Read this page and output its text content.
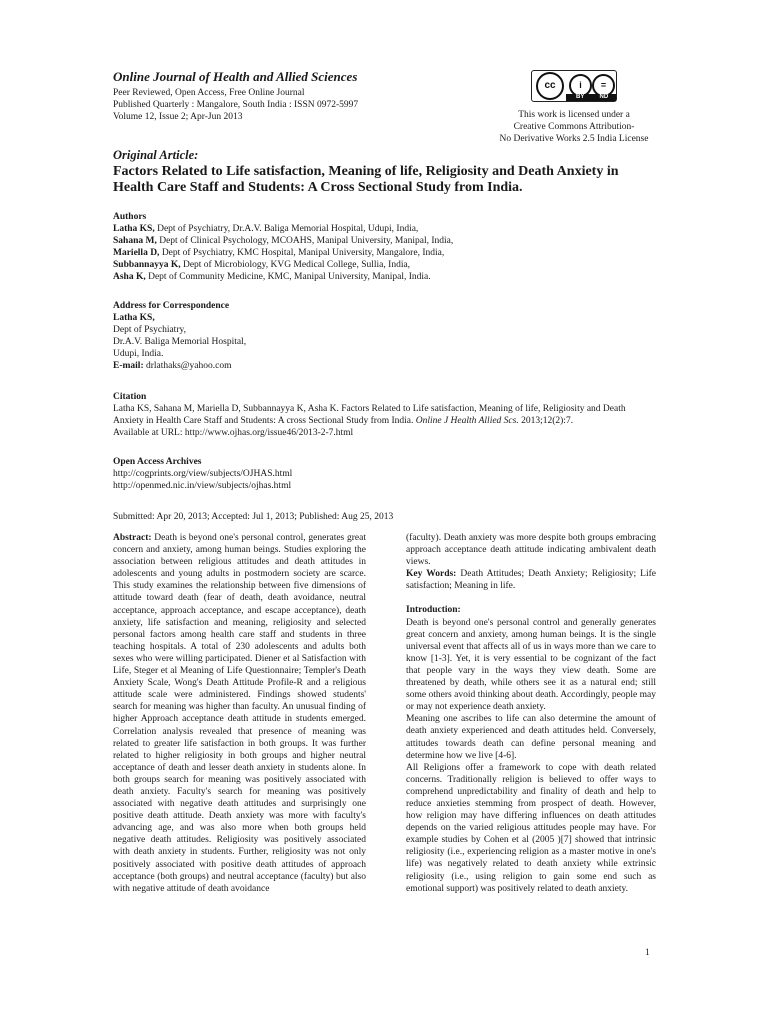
Online Journal of Health and Allied Sciences
Peer Reviewed, Open Access, Free Online Journal
Published Quarterly : Mangalore, South India : ISSN 0972-5997
Volume 12, Issue 2; Apr-Jun 2013
cc	i	=
BY	ND
This work is licensed under a
Creative Commons Attribution-
No Derivative Works 2.5 India License
Original Article:
Factors Related to Life satisfaction, Meaning of life, Religiosity and Death Anxiety in Health Care Staff and Students: A Cross Sectional Study from India.
Authors
Latha KS, Dept of Psychiatry, Dr.A.V. Baliga Memorial Hospital, Udupi, India,
Sahana M, Dept of Clinical Psychology, MCOAHS, Manipal University, Manipal, India,
Mariella D, Dept of Psychiatry, KMC Hospital, Manipal University, Mangalore, India,
Subbannayya K, Dept of Microbiology, KVG Medical College, Sullia, India,
Asha K, Dept of Community Medicine, KMC, Manipal University, Manipal, India.
Address for Correspondence
Latha KS,
Dept of Psychiatry,
Dr.A.V. Baliga Memorial Hospital,
Udupi, India.
E-mail: drlathaks@yahoo.com
Citation
Latha KS, Sahana M, Mariella D, Subbannayya K, Asha K. Factors Related to Life satisfaction, Meaning of life, Religiosity and Death Anxiety in Health Care Staff and Students: A cross Sectional Study from India. Online J Health Allied Scs. 2013;12(2):7.
Available at URL: http://www.ojhas.org/issue46/2013-2-7.html
Open Access Archives
http://cogprints.org/view/subjects/OJHAS.html
http://openmed.nic.in/view/subjects/ojhas.html
Submitted: Apr 20, 2013; Accepted: Jul 1, 2013; Published: Aug 25, 2013

Abstract: Death is beyond one's personal control, generates great concern and anxiety, among human beings. Studies exploring the association between religious attitudes and death attitudes in adolescents and young adults in postmodern society are scarce. This study examines the relationship between five dimensions of attitude toward death (fear of death, death avoidance, neutral acceptance, approach acceptance, and escape acceptance), death anxiety, life satisfaction and meaning, religiosity and selected personal factors among health care staff and students in three teaching hospitals. A total of 230 adolescents and adults both sexes who were willing participated. Diener et al Satisfaction with Life, Steger et al Meaning of Life Questionnaire; Templer's Death Anxiety Scale, Wong's Death Attitude Profile-R and a religious attitude scale were administered. Findings showed students' search for meaning was higher than faculty. An unusual finding of higher Approach acceptance death attitude in students emerged. Correlation analysis revealed that presence of meaning was related to greater life satisfaction in both groups. It was further related to higher religiosity in both groups and higher neutral acceptance of death and lesser death anxiety in students alone. In both groups search for meaning was positively associated with death anxiety. Faculty's search for meaning was positively associated with negative death attitudes and surprisingly one positive death attitude. Death anxiety was more with faculty's advancing age, and was also more when both groups held negative death attitudes. Religiosity was positively associated with death anxiety in students. Further, religiosity was not only positively associated with positive death attitudes of approach acceptance (both groups) and neutral acceptance (faculty) but also with negative attitude of death avoidance

(faculty). Death anxiety was more despite both groups embracing approach acceptance death attitude indicating ambivalent death views.

Key Words: Death Attitudes; Death Anxiety; Religiosity; Life satisfaction; Meaning in life.

Introduction:

Death is beyond one's personal control and generally generates great concern and anxiety, among human beings. It is the single universal event that affects all of us in ways more than we care to know [1-3]. Yet, it is very essential to be cognizant of the fact that people vary in the ways they view death. Some are threatened by death, while others see it as a natural end; still some others avoid thinking about death. Accordingly, people may or may not experience death anxiety.

Meaning one ascribes to life can also determine the amount of death anxiety experienced and death attitudes held. Conversely, attitudes towards death can define personal meaning and determine how we live [4-6].

All Religions offer a framework to cope with death related concerns. Traditionally religion is believed to offer ways to comprehend unpredictability and finality of death and help to reduce anxieties stemming from prospect of death. However, how religion may have differing influences on death attitudes depends on the varied religious attitudes people may have. For example studies by Cohen et al (2005 )[7] showed that intrinsic religiosity (i.e., experiencing religion as a master motive in one's life) was negatively related to death anxiety while extrinsic religiosity (i.e., using religion to gain some end such as emotional support) was positively related to death anxiety.

1
